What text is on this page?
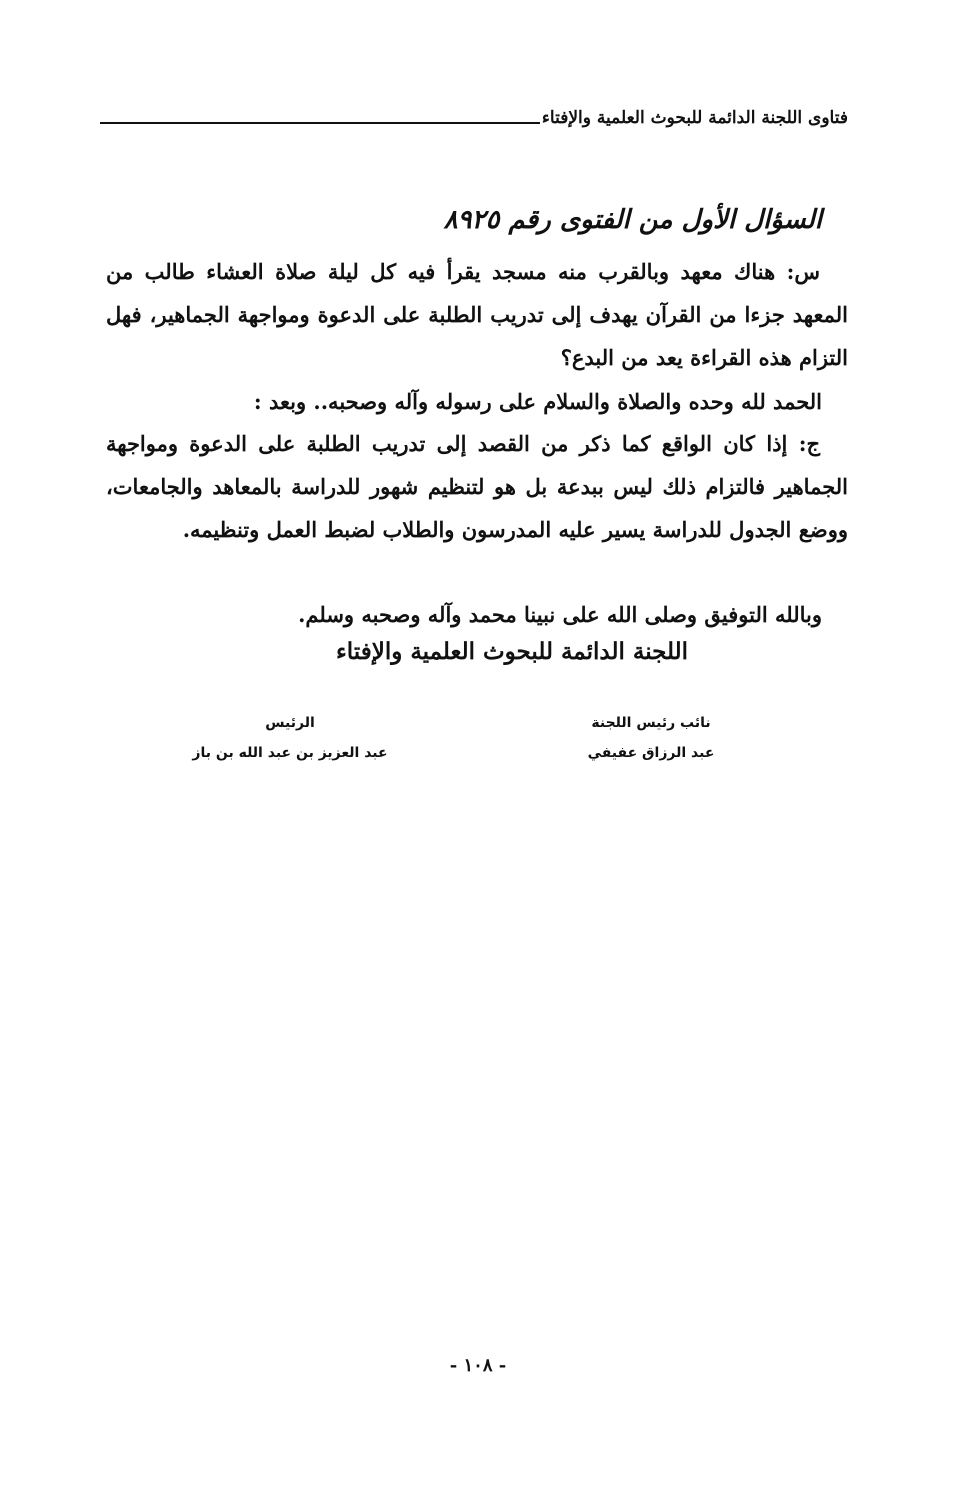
فتاوى اللجنة الدائمة للبحوث العلمية والإفتاء
السؤال الأول من الفتوى رقم ٨٩٢٥

س: هناك معهد وبالقرب منه مسجد يقرأ فيه كل ليلة صلاة العشاء طالب من المعهد جزءا من القرآن يهدف إلى تدريب الطلبة على الدعوة ومواجهة الجماهير، فهل التزام هذه القراءة يعد من البدع؟

الحمد لله وحده والصلاة والسلام على رسوله وآله وصحبه.. وبعد :

ج: إذا كان الواقع كما ذكر من القصد إلى تدريب الطلبة على الدعوة ومواجهة الجماهير فالتزام ذلك ليس ببدعة بل هو لتنظيم شهور للدراسة بالمعاهد والجامعات، ووضع الجدول للدراسة يسير عليه المدرسون والطلاب لضبط العمل وتنظيمه.

وبالله التوفيق وصلى الله على نبينا محمد وآله وصحبه وسلم.
اللجنة الدائمة للبحوث العلمية والإفتاء
نائب رئيس اللجنة
عبد الرزاق عفيفي
الرئيس
عبد العزيز بن عبد الله بن باز
- ١٠٨ -
